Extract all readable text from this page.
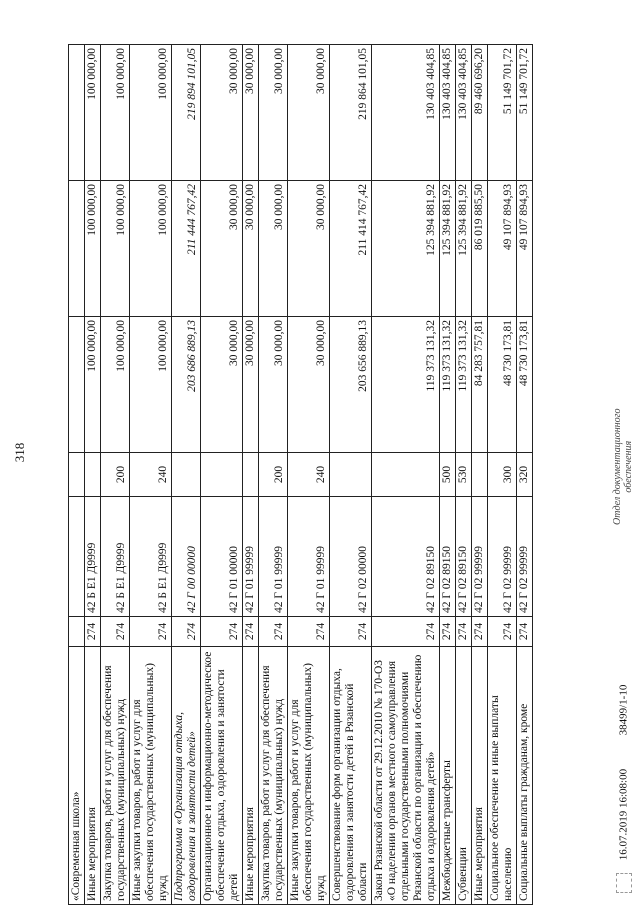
318
«Современная школа»						
Иные мероприятия	274	42 Б Е1 Д9999		100 000,00	100 000,00	100 000,00
Закупка товаров, работ и услуг для обеспечения государственных (муниципальных) нужд	274	42 Б Е1 Д9999	200	100 000,00	100 000,00	100 000,00
Иные закупки товаров, работ и услуг для обеспечения государственных (муниципальных) нужд	274	42 Б Е1 Д9999	240	100 000,00	100 000,00	100 000,00
Подпрограмма «Организация отдыха, оздоровления и занятости детей»	274	42 Г 00 00000		203 686 889,13	211 444 767,42	219 894 101,05
Организационное и информационно-методическое обеспечение отдыха, оздоровления и занятости детей	274	42 Г 01 00000		30 000,00	30 000,00	30 000,00
Иные мероприятия	274	42 Г 01 99999		30 000,00	30 000,00	30 000,00
Закупка товаров, работ и услуг для обеспечения государственных (муниципальных) нужд	274	42 Г 01 99999	200	30 000,00	30 000,00	30 000,00
Иные закупки товаров, работ и услуг для обеспечения государственных (муниципальных) нужд	274	42 Г 01 99999	240	30 000,00	30 000,00	30 000,00
Совершенствование форм организации отдыха, оздоровления и занятости детей в Рязанской области	274	42 Г 02 00000		203 656 889,13	211 414 767,42	219 864 101,05
Закон Рязанской области от 29.12.2010 № 170-ОЗ «О наделении органов местного самоуправления отдельными государственными полномочиями Рязанской области по организации и обеспечению отдыха и оздоровления детей»	274	42 Г 02 89150		119 373 131,32	125 394 881,92	130 403 404,85
Межбюджетные трансферты	274	42 Г 02 89150	500	119 373 131,32	125 394 881,92	130 403 404,85
Субвенции	274	42 Г 02 89150	530	119 373 131,32	125 394 881,92	130 403 404,85
Иные мероприятия	274	42 Г 02 99999		84 283 757,81	86 019 885,50	89 460 696,20
Социальное обеспечение и иные выплаты населению	274	42 Г 02 99999	300	48 730 173,81	49 107 894,93	51 149 701,72
Социальные выплаты гражданам, кроме	274	42 Г 02 99999	320	48 730 173,81	49 107 894,93	51 149 701,72
16.07.2019 16:08:00  38499/1-10
Отдел документационного обеспечения
